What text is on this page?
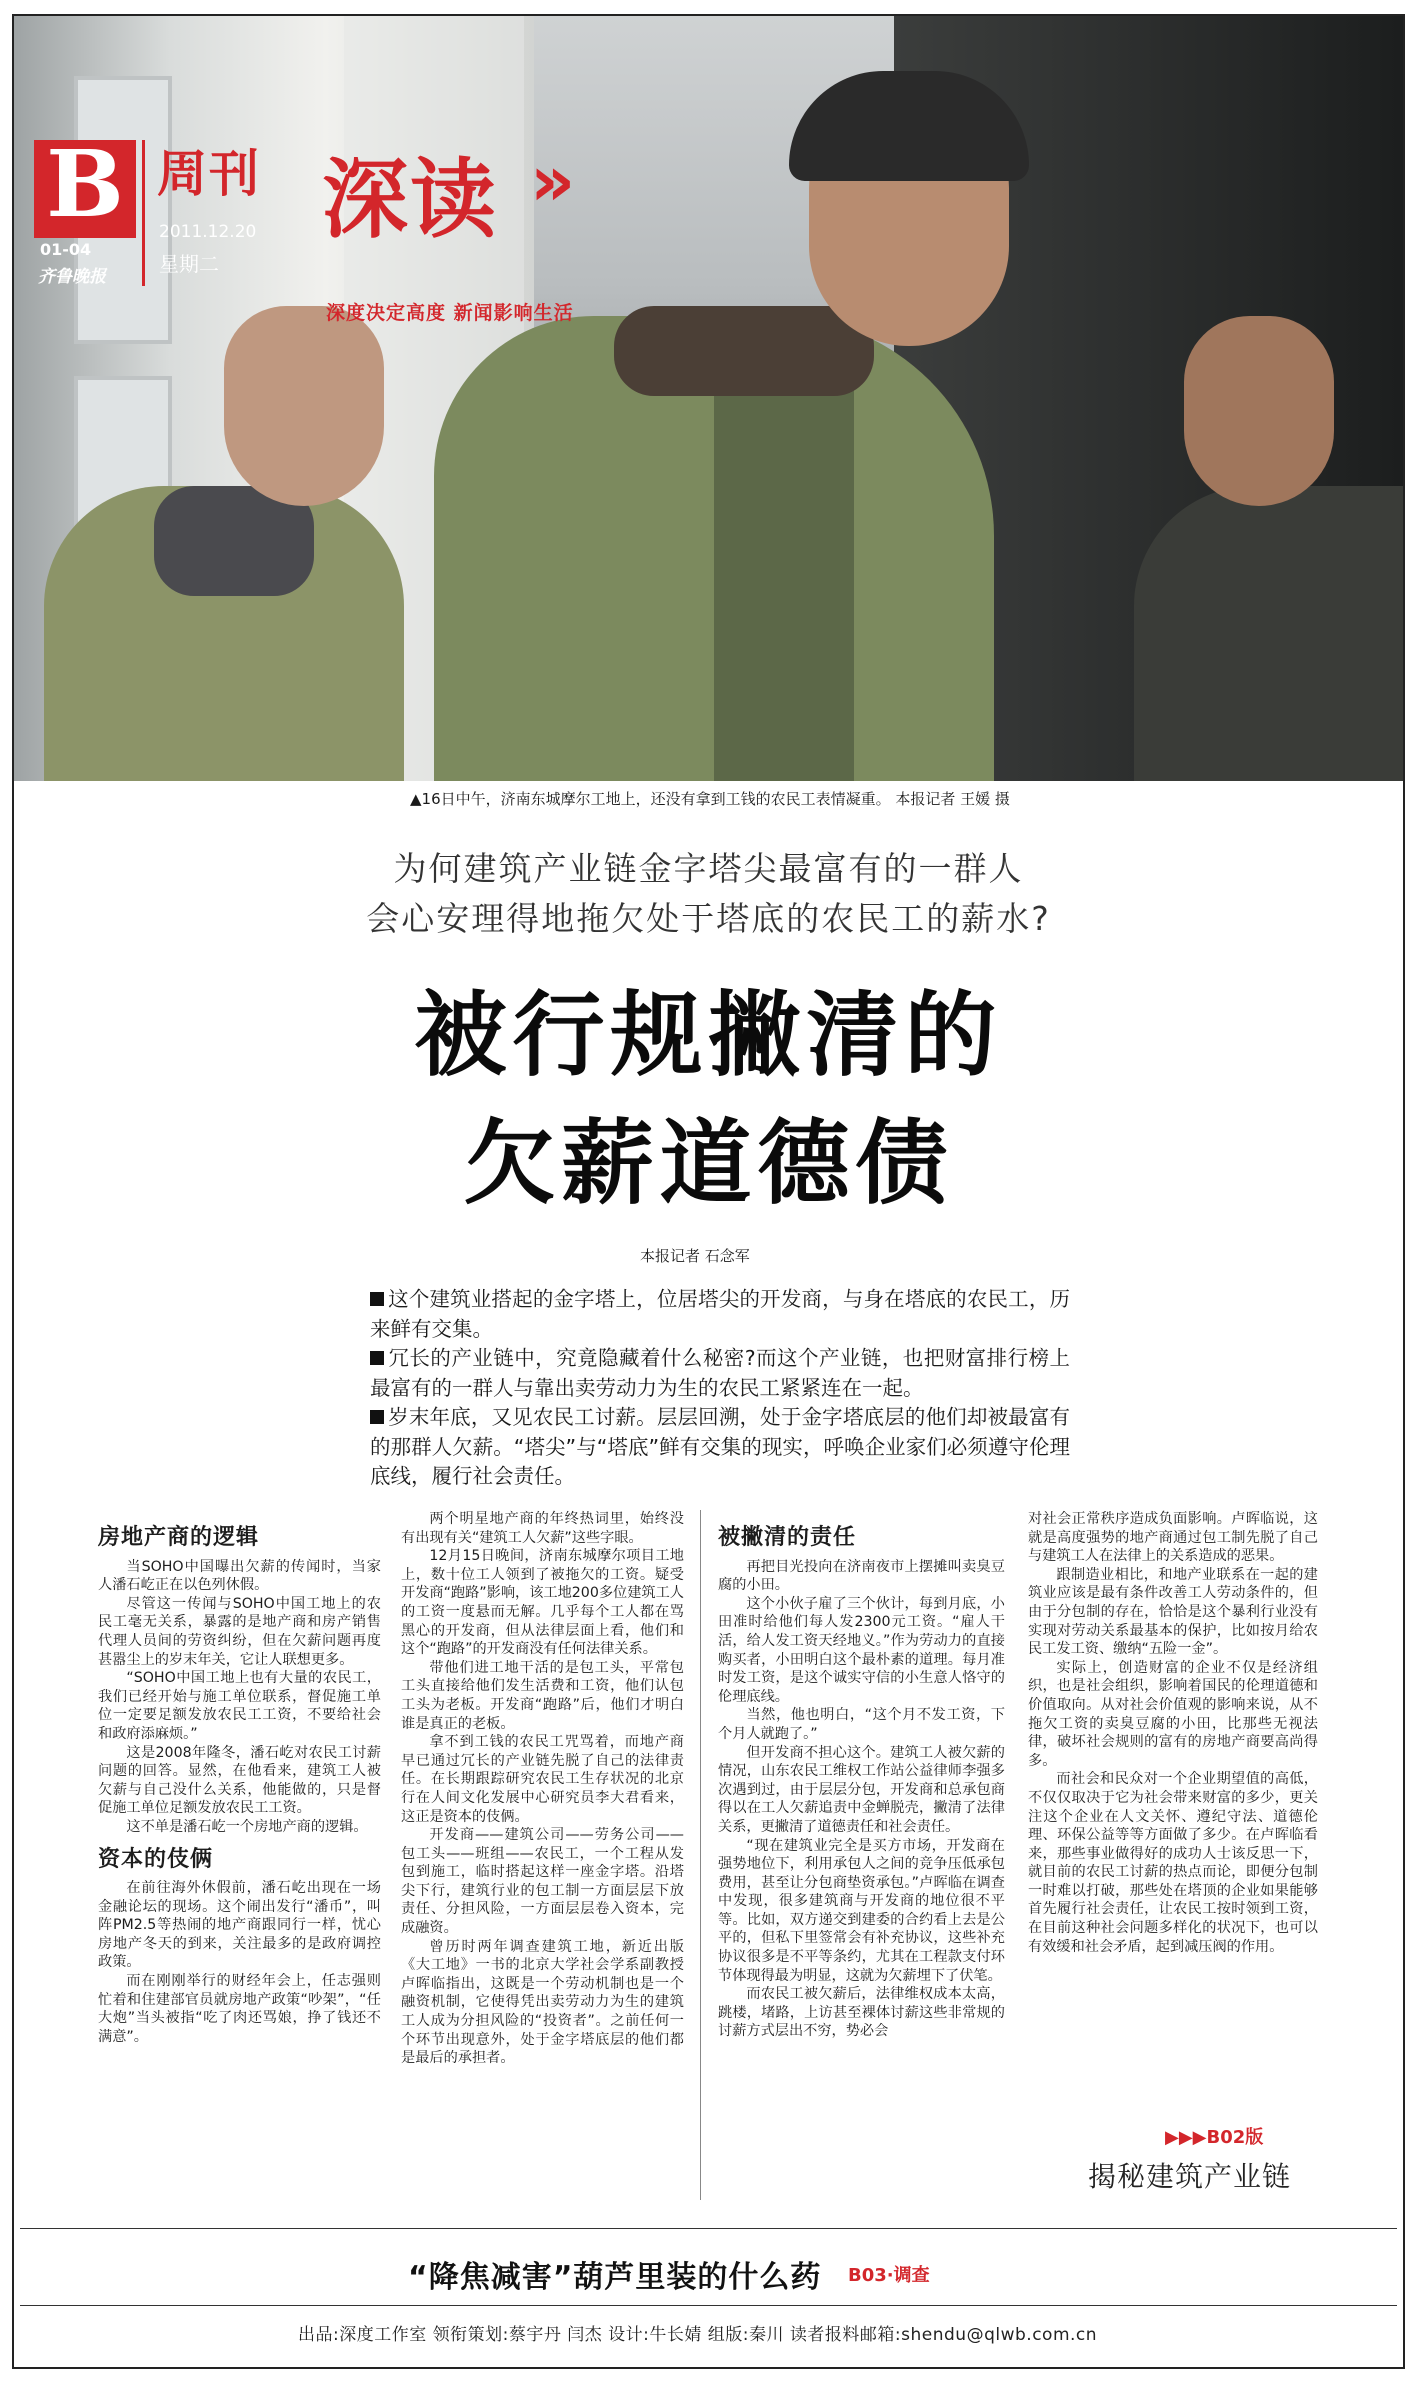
B
01-04
齐鲁晚报
周刊
2011.12.20
星期二
深读 »
深度决定高度 新闻影响生活
▲16日中午，济南东城摩尔工地上，还没有拿到工钱的农民工表情凝重。 本报记者 王媛 摄
为何建筑产业链金字塔尖最富有的一群人
会心安理得地拖欠处于塔底的农民工的薪水?
被行规撇清的
欠薪道德债
本报记者 石念军

这个建筑业搭起的金字塔上，位居塔尖的开发商，与身在塔底的农民工，历来鲜有交集。

冗长的产业链中，究竟隐藏着什么秘密?而这个产业链，也把财富排行榜上最富有的一群人与靠出卖劳动力为生的农民工紧紧连在一起。

岁末年底，又见农民工讨薪。层层回溯，处于金字塔底层的他们却被最富有的那群人欠薪。“塔尖”与“塔底”鲜有交集的现实，呼唤企业家们必须遵守伦理底线，履行社会责任。

房地产商的逻辑

当SOHO中国曝出欠薪的传闻时，当家人潘石屹正在以色列休假。

尽管这一传闻与SOHO中国工地上的农民工毫无关系，暴露的是地产商和房产销售代理人员间的劳资纠纷，但在欠薪问题再度甚嚣尘上的岁末年关，它让人联想更多。

“SOHO中国工地上也有大量的农民工，我们已经开始与施工单位联系，督促施工单位一定要足额发放农民工工资，不要给社会和政府添麻烦。”

这是2008年隆冬，潘石屹对农民工讨薪问题的回答。显然，在他看来，建筑工人被欠薪与自己没什么关系，他能做的，只是督促施工单位足额发放农民工工资。

这不单是潘石屹一个房地产商的逻辑。

资本的伎俩

在前往海外休假前，潘石屹出现在一场金融论坛的现场。这个闹出发行“潘币”，叫阵PM2.5等热闹的地产商跟同行一样，忧心房地产冬天的到来，关注最多的是政府调控政策。

而在刚刚举行的财经年会上，任志强则忙着和住建部官员就房地产政策“吵架”，“任大炮”当头被指“吃了肉还骂娘，挣了钱还不满意”。

两个明星地产商的年终热词里，始终没有出现有关“建筑工人欠薪”这些字眼。

12月15日晚间，济南东城摩尔项目工地上，数十位工人领到了被拖欠的工资。疑受开发商“跑路”影响，该工地200多位建筑工人的工资一度悬而无解。几乎每个工人都在骂黑心的开发商，但从法律层面上看，他们和这个“跑路”的开发商没有任何法律关系。

带他们进工地干活的是包工头，平常包工头直接给他们发生活费和工资，他们认包工头为老板。开发商“跑路”后，他们才明白谁是真正的老板。

拿不到工钱的农民工咒骂着，而地产商早已通过冗长的产业链先脱了自己的法律责任。在长期跟踪研究农民工生存状况的北京行在人间文化发展中心研究员李大君看来，这正是资本的伎俩。

开发商——建筑公司——劳务公司——包工头——班组——农民工，一个工程从发包到施工，临时搭起这样一座金字塔。沿塔尖下行，建筑行业的包工制一方面层层下放责任、分担风险，一方面层层卷入资本，完成融资。

曾历时两年调查建筑工地，新近出版《大工地》一书的北京大学社会学系副教授卢晖临指出，这既是一个劳动机制也是一个融资机制，它使得凭出卖劳动力为生的建筑工人成为分担风险的“投资者”。之前任何一个环节出现意外，处于金字塔底层的他们都是最后的承担者。

被撇清的责任

再把目光投向在济南夜市上摆摊叫卖臭豆腐的小田。

这个小伙子雇了三个伙计，每到月底，小田准时给他们每人发2300元工资。“雇人干活，给人发工资天经地义。”作为劳动力的直接购买者，小田明白这个最朴素的道理。每月准时发工资，是这个诚实守信的小生意人恪守的伦理底线。

当然，他也明白，“这个月不发工资，下个月人就跑了。”

但开发商不担心这个。建筑工人被欠薪的情况，山东农民工维权工作站公益律师李强多次遇到过，由于层层分包，开发商和总承包商得以在工人欠薪追责中金蝉脱壳，撇清了法律关系，更撇清了道德责任和社会责任。

“现在建筑业完全是买方市场，开发商在强势地位下，利用承包人之间的竞争压低承包费用，甚至让分包商垫资承包。”卢晖临在调查中发现，很多建筑商与开发商的地位很不平等。比如，双方递交到建委的合约看上去是公平的，但私下里签常会有补充协议，这些补充协议很多是不平等条约，尤其在工程款支付环节体现得最为明显，这就为欠薪埋下了伏笔。

而农民工被欠薪后，法律维权成本太高，跳楼，堵路，上访甚至裸体讨薪这些非常规的讨薪方式层出不穷，势必会

对社会正常秩序造成负面影响。卢晖临说，这就是高度强势的地产商通过包工制先脱了自己与建筑工人在法律上的关系造成的恶果。

跟制造业相比，和地产业联系在一起的建筑业应该是最有条件改善工人劳动条件的，但由于分包制的存在，恰恰是这个暴利行业没有实现对劳动关系最基本的保护，比如按月给农民工发工资、缴纳“五险一金”。

实际上，创造财富的企业不仅是经济组织，也是社会组织，影响着国民的伦理道德和价值取向。从对社会价值观的影响来说，从不拖欠工资的卖臭豆腐的小田，比那些无视法律，破坏社会规则的富有的房地产商要高尚得多。

而社会和民众对一个企业期望值的高低，不仅仅取决于它为社会带来财富的多少，更关注这个企业在人文关怀、遵纪守法、道德伦理、环保公益等等方面做了多少。在卢晖临看来，那些事业做得好的成功人士该反思一下，就目前的农民工讨薪的热点而论，即便分包制一时难以打破，那些处在塔顶的企业如果能够首先履行社会责任，让农民工按时领到工资，在目前这种社会问题多样化的状况下，也可以有效缓和社会矛盾，起到减压阀的作用。

▶▶▶B02版
揭秘建筑产业链
“降焦减害”葫芦里装的什么药 B03·调查
出品:深度工作室 领衔策划:蔡宇丹 闫杰 设计:牛长婧 组版:秦川 读者报料邮箱:shendu@qlwb.com.cn
